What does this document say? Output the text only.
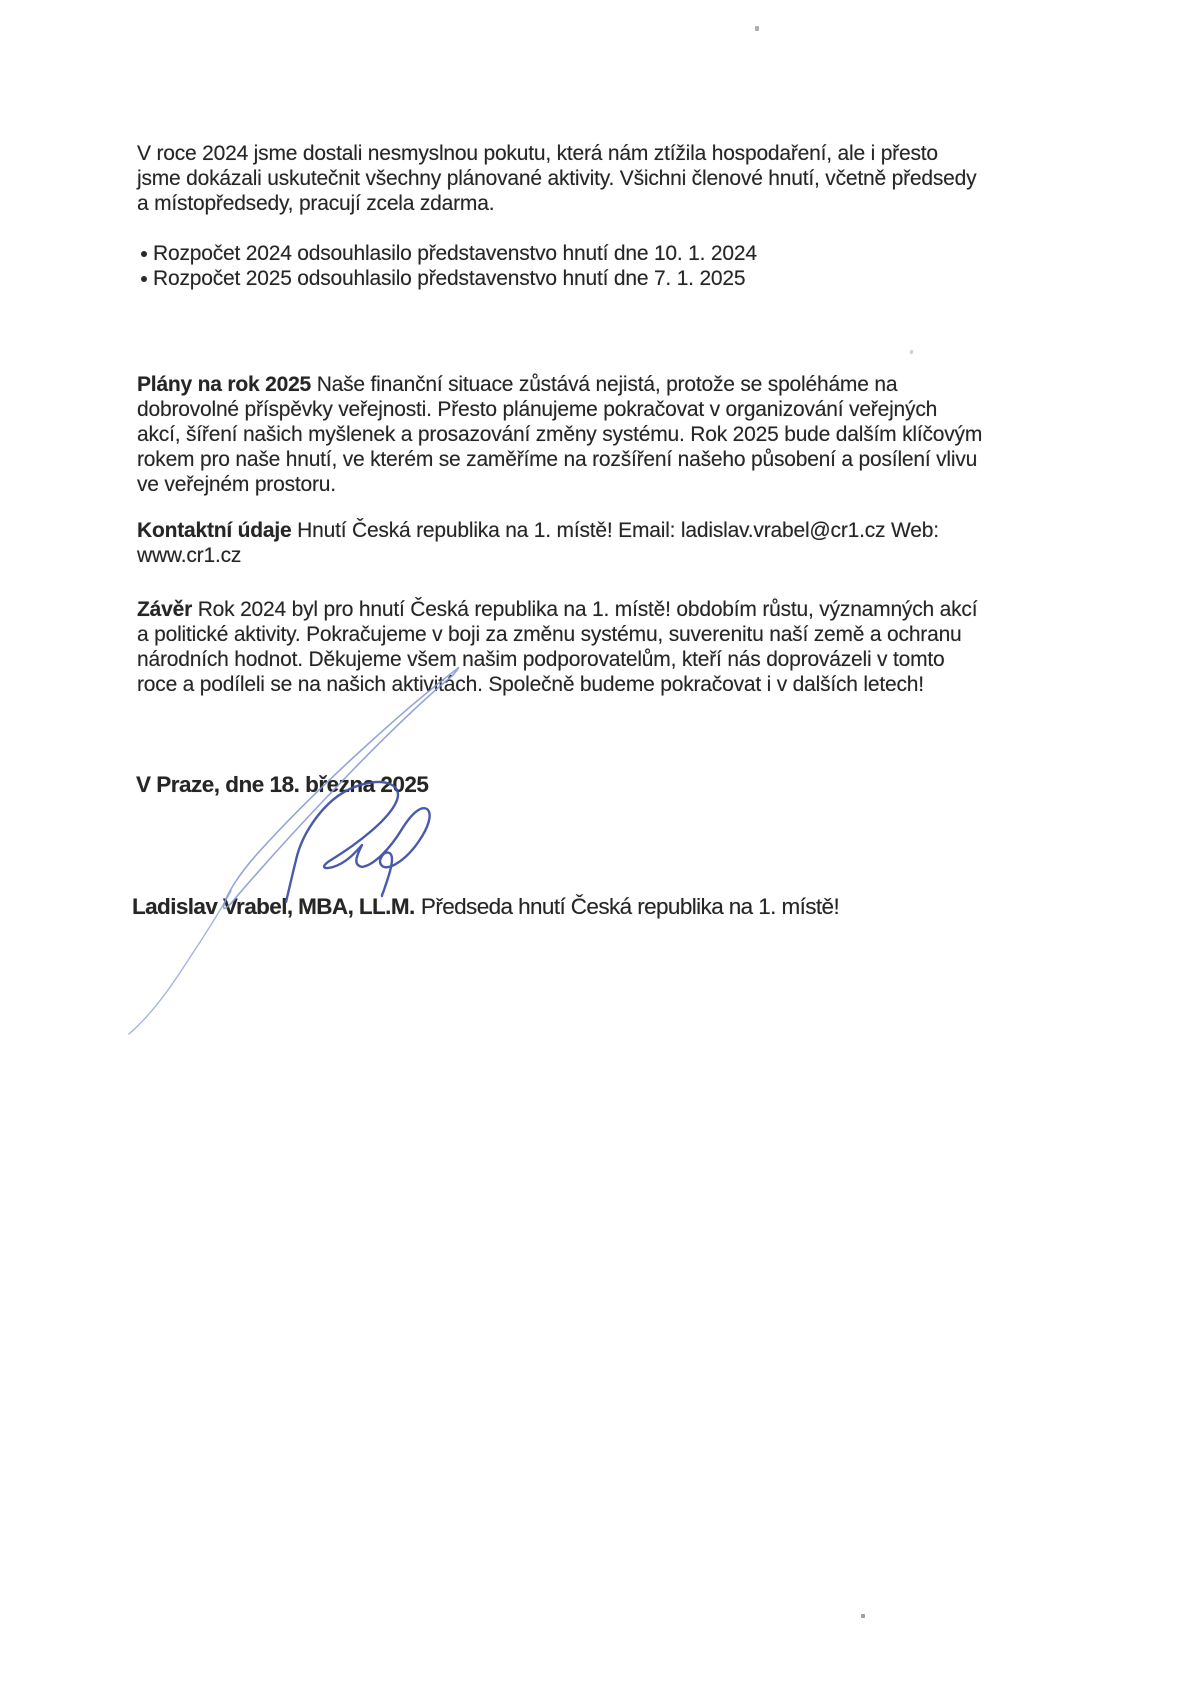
V roce 2024 jsme dostali nesmyslnou pokutu, která nám ztížila hospodaření, ale i přesto
jsme dokázali uskutečnit všechny plánované aktivity. Všichni členové hnutí, včetně předsedy
a místopředsedy, pracují zcela zdarma.
Rozpočet 2024 odsouhlasilo představenstvo hnutí dne 10. 1. 2024
Rozpočet 2025 odsouhlasilo představenstvo hnutí dne 7. 1. 2025
Plány na rok 2025 Naše finanční situace zůstává nejistá, protože se spoléháme na
dobrovolné příspěvky veřejnosti. Přesto plánujeme pokračovat v organizování veřejných
akcí, šíření našich myšlenek a prosazování změny systému. Rok 2025 bude dalším klíčovým
rokem pro naše hnutí, ve kterém se zaměříme na rozšíření našeho působení a posílení vlivu
ve veřejném prostoru.
Kontaktní údaje Hnutí Česká republika na 1. místě! Email: ladislav.vrabel@cr1.cz Web:
www.cr1.cz
Závěr Rok 2024 byl pro hnutí Česká republika na 1. místě! obdobím růstu, významných akcí
a politické aktivity. Pokračujeme v boji za změnu systému, suverenitu naší země a ochranu
národních hodnot. Děkujeme všem našim podporovatelům, kteří nás doprovázeli v tomto
roce a podíleli se na našich aktivitách. Společně budeme pokračovat i v dalších letech!
V Praze, dne 18. března 2025
Ladislav Vrabel, MBA, LL.M. Předseda hnutí Česká republika na 1. místě!
